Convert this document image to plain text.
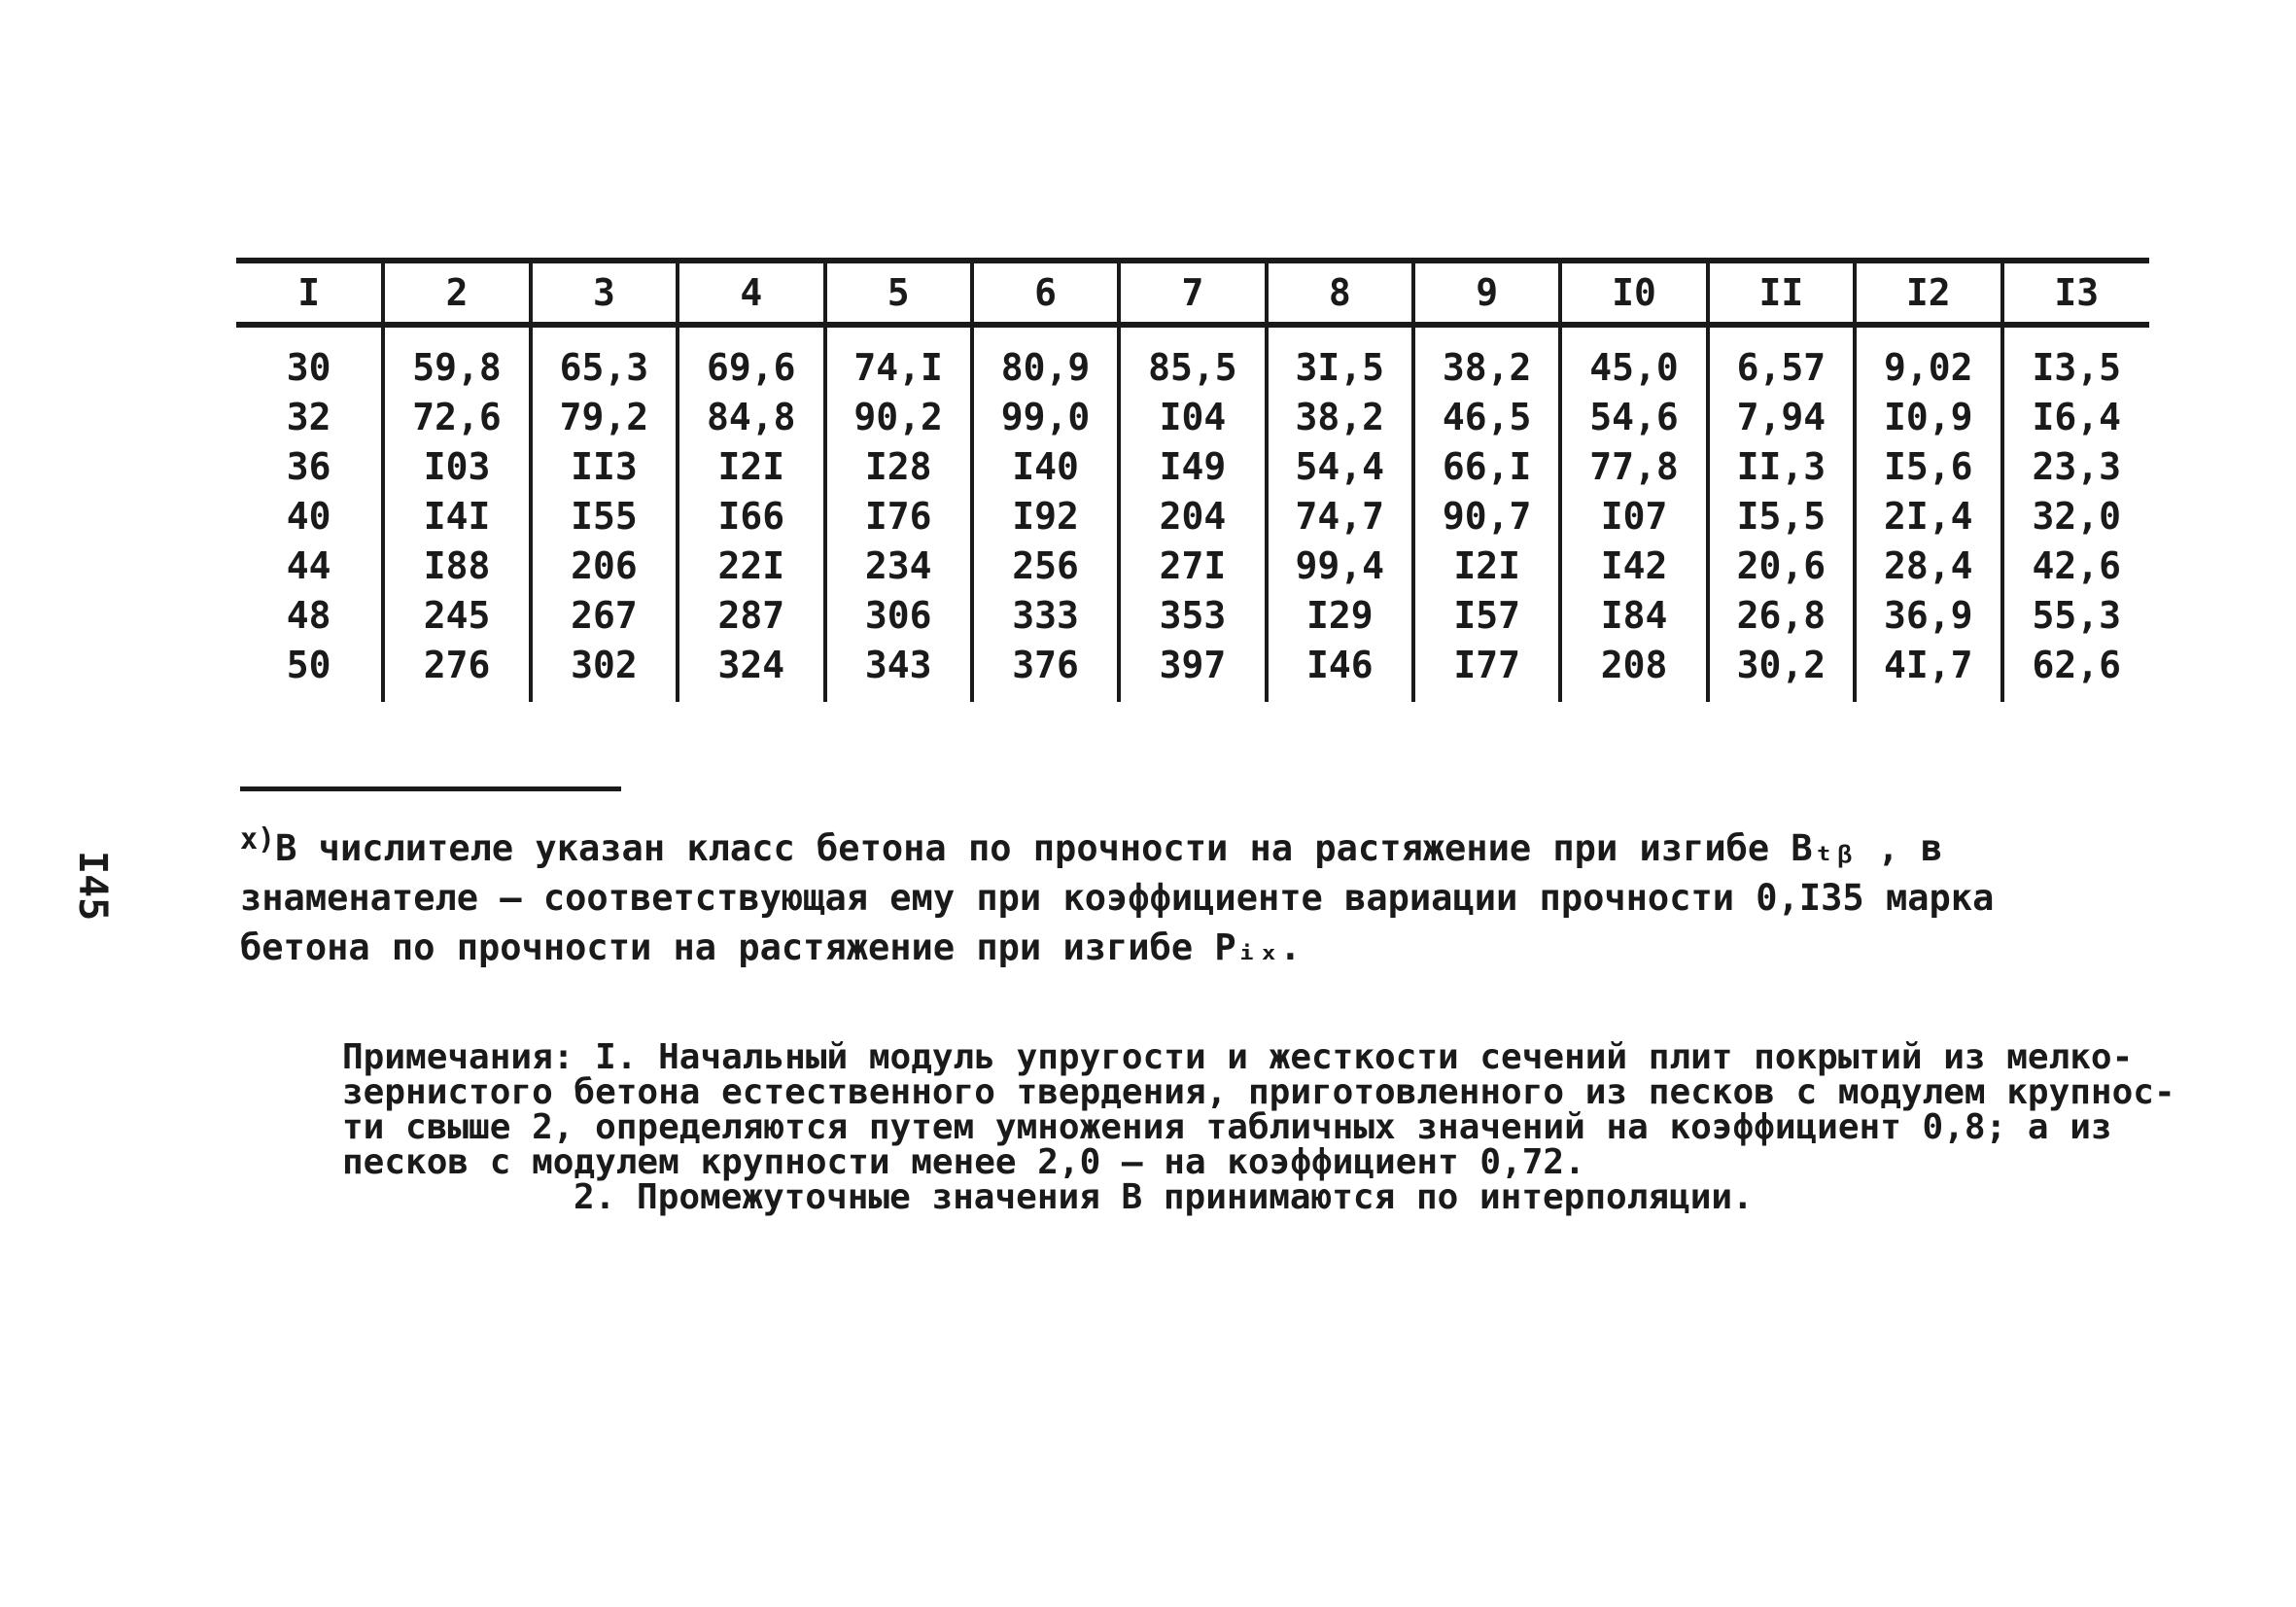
I45
I	2	3	4	5	6	7	8	9	I0	II	I2	I3
30	59,8	65,3	69,6	74,I	80,9	85,5	3I,5	38,2	45,0	6,57	9,02	I3,5
32	72,6	79,2	84,8	90,2	99,0	I04	38,2	46,5	54,6	7,94	I0,9	I6,4
36	I03	II3	I2I	I28	I40	I49	54,4	66,I	77,8	II,3	I5,6	23,3
40	I4I	I55	I66	I76	I92	204	74,7	90,7	I07	I5,5	2I,4	32,0
44	I88	206	22I	234	256	27I	99,4	I2I	I42	20,6	28,4	42,6
48	245	267	287	306	333	353	I29	I57	I84	26,8	36,9	55,3
50	276	302	324	343	376	397	I46	I77	208	30,2	4I,7	62,6
$^{x)}$В числителе указан класс бетона по прочности на растяжение при изгибе Bₜᵦ , в знаменателе – соответствующая ему при коэффициенте вариации прочности 0,I35 марка бетона по прочности на растяжение при изгибе Pᵢₓ.
Примечания: I. Начальный модуль упругости и жесткости сечений плит покрытий из мелко-
зернистого бетона естественного твердения, приготовленного из песков с модулем крупнос-
ти свыше 2, определяются путем умножения табличных значений на коэффициент 0,8; а из
песков с модулем крупности менее 2,0 – на коэффициент 0,72.
2. Промежуточные значения B принимаются по интерполяции.
